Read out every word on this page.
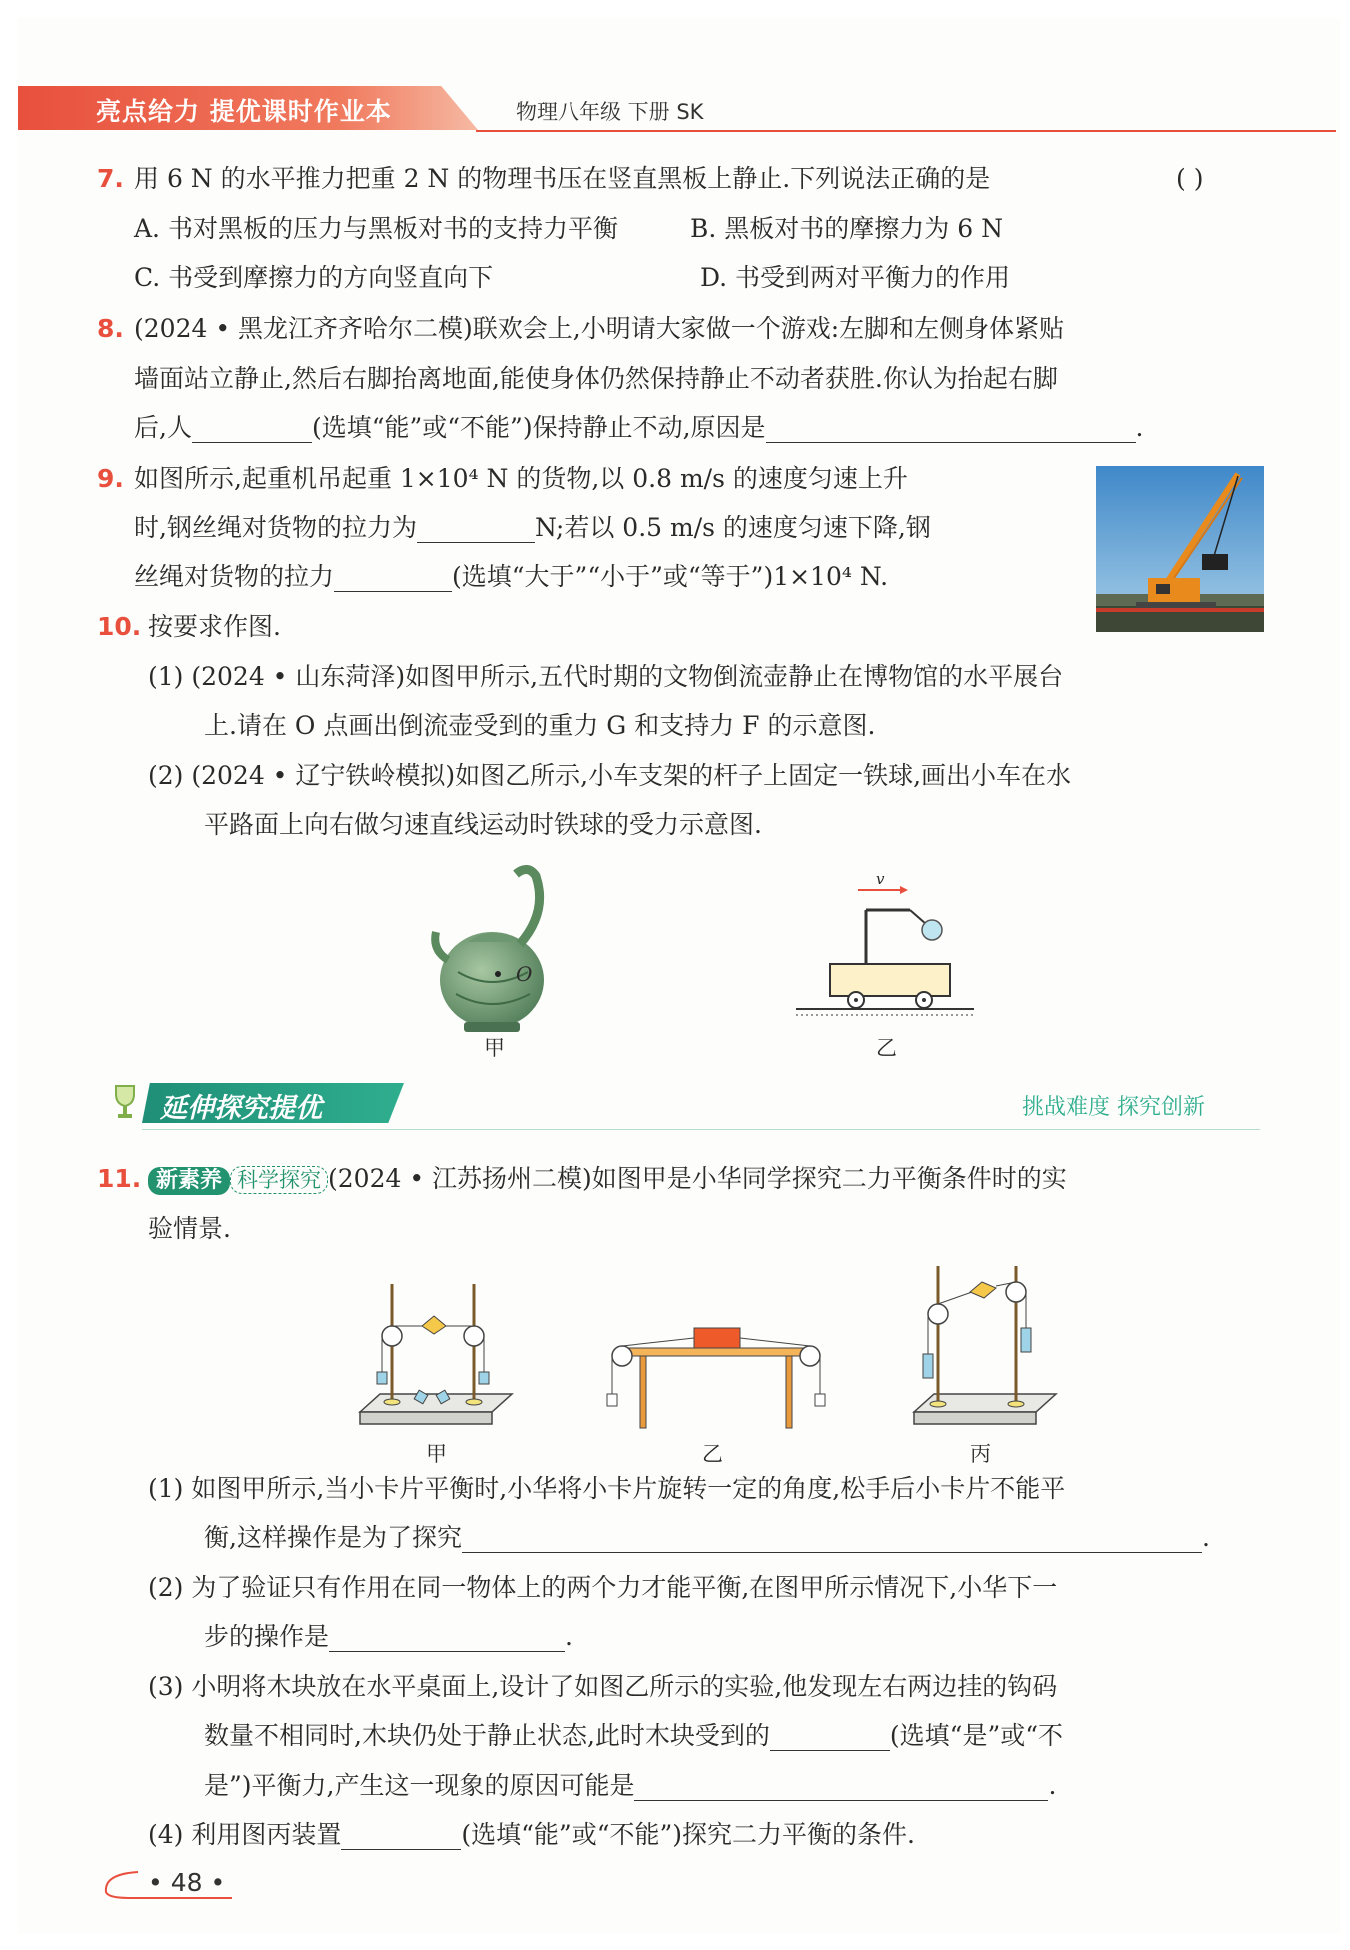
亮点给力 提优课时作业本	物理八年级 下册 SK
7. 用 6 N 的水平推力把重 2 N 的物理书压在竖直黑板上静止.下列说法正确的是	( )
A. 书对黑板的压力与黑板对书的支持力平衡	B. 黑板对书的摩擦力为 6 N
C. 书受到摩擦力的方向竖直向下	D. 书受到两对平衡力的作用
8. (2024 • 黑龙江齐齐哈尔二模)联欢会上,小明请大家做一个游戏:左脚和左侧身体紧贴
墙面站立静止,然后右脚抬离地面,能使身体仍然保持静止不动者获胜.你认为抬起右脚
后,人	(选填“能”或“不能”)保持静止不动,原因是	.
9. 如图所示,起重机吊起重 1×10⁴ N 的货物,以 0.8 m/s 的速度匀速上升
时,钢丝绳对货物的拉力为	N;若以 0.5 m/s 的速度匀速下降,钢
丝绳对货物的拉力	(选填“大于”“小于”或“等于”)1×10⁴ N.
10. 按要求作图.
(1) (2024 • 山东菏泽)如图甲所示,五代时期的文物倒流壶静止在博物馆的水平展台
上.请在 O 点画出倒流壶受到的重力 G 和支持力 F 的示意图.
(2) (2024 • 辽宁铁岭模拟)如图乙所示,小车支架的杆子上固定一铁球,画出小车在水
平路面上向右做匀速直线运动时铁球的受力示意图.
O
甲
v
乙
延伸探究提优	挑战难度 探究创新
11. 新素养 科学探究 (2024 • 江苏扬州二模)如图甲是小华同学探究二力平衡条件时的实
验情景.
甲	乙	丙
(1) 如图甲所示,当小卡片平衡时,小华将小卡片旋转一定的角度,松手后小卡片不能平
衡,这样操作是为了探究	.
(2) 为了验证只有作用在同一物体上的两个力才能平衡,在图甲所示情况下,小华下一
步的操作是	.
(3) 小明将木块放在水平桌面上,设计了如图乙所示的实验,他发现左右两边挂的钩码
数量不相同时,木块仍处于静止状态,此时木块受到的	(选填“是”或“不
是”)平衡力,产生这一现象的原因可能是	.
(4) 利用图丙装置	(选填“能”或“不能”)探究二力平衡的条件.
• 48 •
